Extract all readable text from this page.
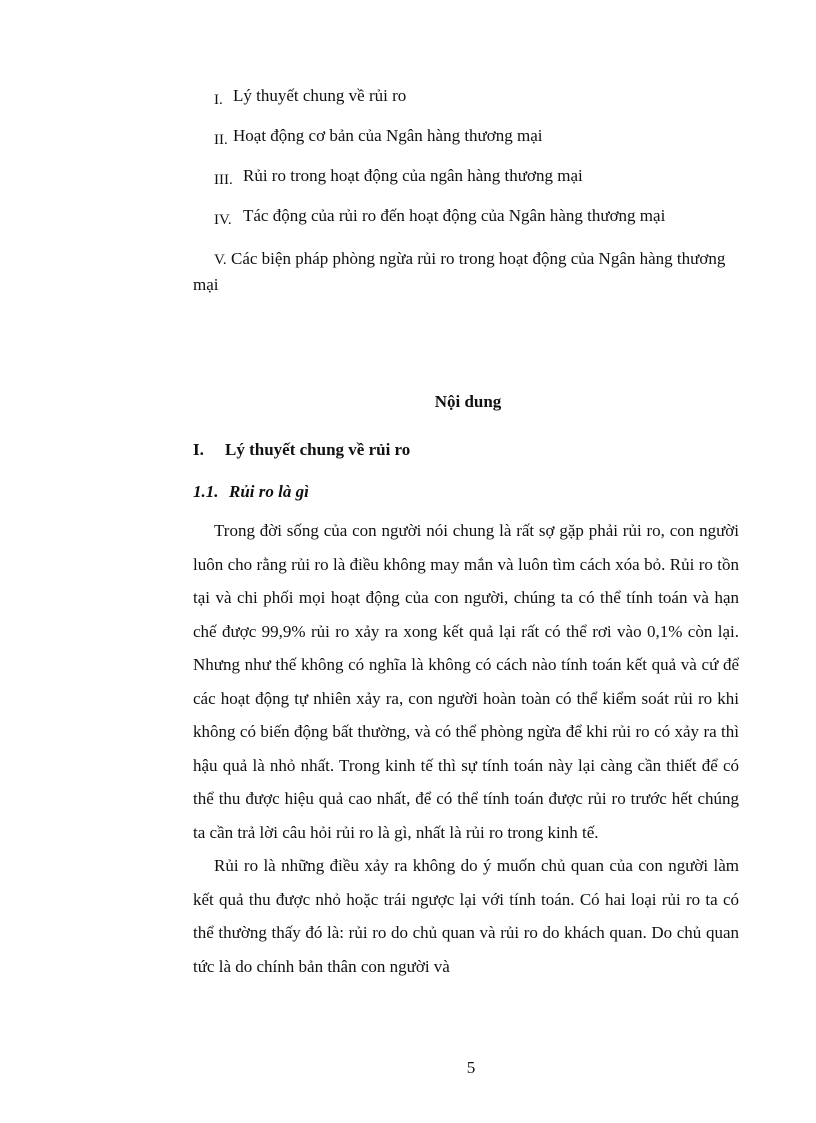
I. Lý thuyết chung về rủi ro
II. Hoạt động cơ bản của Ngân hàng thương mại
III. Rủi ro trong hoạt động của ngân hàng thương mại
IV. Tác động của rủi ro đến hoạt động của Ngân hàng thương mại
V. Các biện pháp phòng ngừa rủi ro trong hoạt động của Ngân hàng thương mại
Nội dung
I. Lý thuyết chung về rủi ro
1.1. Rủi ro là gì

Trong đời sống của con người nói chung là rất sợ gặp phải rủi ro, con người luôn cho rằng rủi ro là điều không may mắn và luôn tìm cách xóa bỏ. Rủi ro tồn tại và chi phối mọi hoạt động của con người, chúng ta có thể tính toán và hạn chế được 99,9% rủi ro xảy ra xong kết quả lại rất có thể rơi vào 0,1% còn lại. Nhưng như thế không có nghĩa là không có cách nào tính toán kết quả và cứ để các hoạt động tự nhiên xảy ra, con người hoàn toàn có thể kiểm soát rủi ro khi không có biến động bất thường, và có thể phòng ngừa để khi rủi ro có xảy ra thì hậu quả là nhỏ nhất. Trong kinh tế thì sự tính toán này lại càng cần thiết để có thể thu được hiệu quả cao nhất, để có thể tính toán được rủi ro trước hết chúng ta cần trả lời câu hỏi rủi ro là gì, nhất là rủi ro trong kinh tế.

Rủi ro là những điều xảy ra không do ý muốn chủ quan của con người làm kết quả thu được nhỏ hoặc trái ngược lại với tính toán. Có hai loại rủi ro ta có thể thường thấy đó là: rủi ro do chủ quan và rủi ro do khách quan. Do chủ quan tức là do chính bản thân con người và

5
